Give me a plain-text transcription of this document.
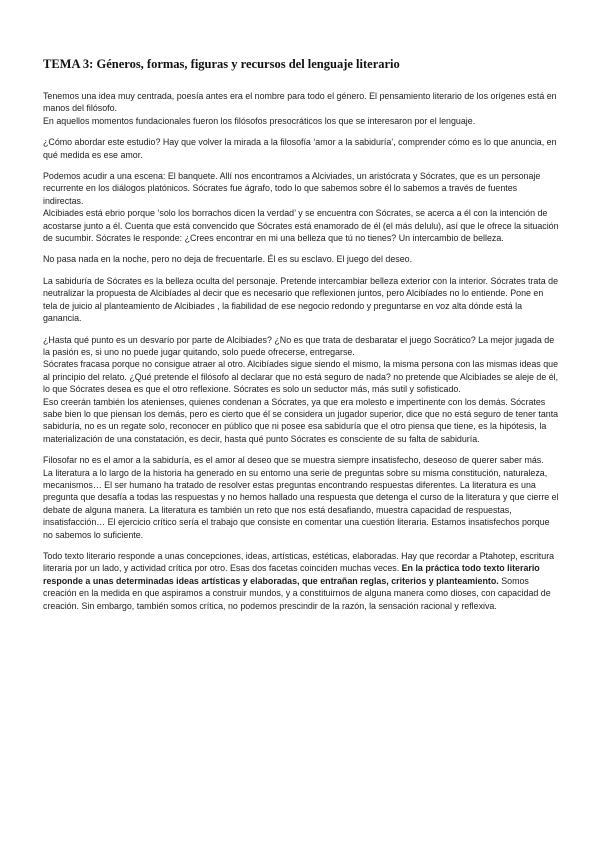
TEMA 3: Géneros, formas, figuras y recursos del lenguaje literario
Tenemos una idea muy centrada, poesía antes era el nombre para todo el género. El pensamiento literario de los orígenes está en manos del filósofo.
En aquellos momentos fundacionales fueron los filósofos presocráticos los que se interesaron por el lenguaje.
¿Cómo abordar este estudio? Hay que volver la mirada a la filosofía ‘amor a la sabiduría’, comprender cómo es lo que anuncia, en qué medida es ese amor.
Podemos acudir a una escena: El banquete. Allí nos encontramos a Alciviades, un aristócrata y Sócrates, que es un personaje recurrente en los diálogos platónicos. Sócrates fue ágrafo, todo lo que sabemos sobre él lo sabemos a través de fuentes indirectas.
Alcibiades está ebrio porque ‘solo los borrachos dicen la verdad’ y se encuentra con Sócrates, se acerca a él con la intención de acostarse junto a él. Cuenta que está convencido que Sócrates está enamorado de él (el más delulu), así que le ofrece la situación de sucumbir. Sócrates le responde: ¿Crees encontrar en mi una belleza que tú no tienes? Un intercambio de belleza.
No pasa nada en la noche, pero no deja de frecuentarle. Él es su esclavo. El juego del deseo.
La sabiduría de Sócrates es la belleza oculta del personaje. Pretende intercambiar belleza exterior con la interior. Sócrates trata de neutralizar la propuesta de Alcibíades al decir que es necesario que reflexionen juntos, pero Alcibíades no lo entiende. Pone en tela de juicio al planteamiento de Alcibiades , la fiabilidad de ese negocio redondo y preguntarse en voz alta dónde está la ganancia.
¿Hasta qué punto es un desvarío por parte de Alcibiades? ¿No es que trata de desbaratar el juego Socrático? La mejor jugada de la pasión es, si uno no puede jugar quitando, solo puede ofrecerse, entregarse.
Sócrates fracasa porque no consigue atraer al otro. Alcibíades sigue siendo el mismo, la misma persona con las mismas ideas que al principio del relato. ¿Qué pretende el filósofo al declarar que no está seguro de nada? no pretende que Alcibíades se aleje de él, lo que Sócrates desea es que el otro reflexione. Sócrates es solo un seductor más, más sutil y sofisticado.
Eso creerán también los atenienses, quienes condenan a Sócrates, ya que era molesto e impertinente con los demás. Sócrates sabe bien lo que piensan los demás, pero es cierto que él se considera un jugador superior, dice que no está seguro de tener tanta sabiduría, no es un regate solo, reconocer en público que ni posee esa sabiduría que el otro piensa que tiene, es la hipótesis, la materialización de una constatación, es decir, hasta qué punto Sócrates es consciente de su falta de sabiduría.
Filosofar no es el amor a la sabiduría, es el amor al deseo que se muestra siempre insatisfecho, deseoso de querer saber más.
La literatura a lo largo de la historia ha generado en su entorno una serie de preguntas sobre su misma constitución, naturaleza, mecanismos… El ser humano ha tratado de resolver estas preguntas encontrando respuestas diferentes. La literatura es una pregunta que desafía a todas las respuestas y no hemos hallado una respuesta que detenga el curso de la literatura y que cierre el debate de alguna manera. La literatura es también un reto que nos está desafiando, muestra capacidad de respuestas, insatisfacción… El ejercicio crítico sería el trabajo que consiste en comentar una cuestión literaria. Estamos insatisfechos porque no sabemos lo suficiente.
Todo texto literario responde a unas concepciones, ideas, artísticas, estéticas, elaboradas. Hay que recordar a Ptahotep, escritura literaria por un lado, y actividad crítica por otro. Esas dos facetas coinciden muchas veces. En la práctica todo texto literario responde a unas determinadas ideas artísticas y elaboradas, que entrañan reglas, criterios y planteamiento. Somos creación en la medida en que aspiramos a construir mundos, y a constituirnos de alguna manera como dioses, con capacidad de creación. Sin embargo, también somos crítica, no podemos prescindir de la razón, la sensación racional y reflexiva.
